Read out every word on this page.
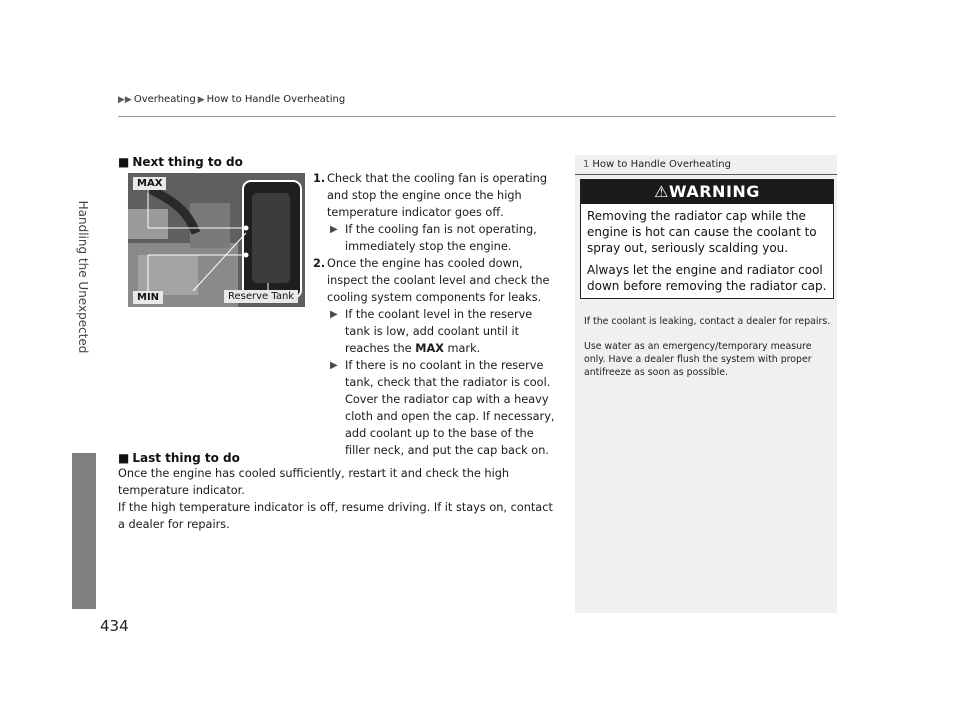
▶▶ Overheating ▶ How to Handle Overheating
Handling the Unexpected
434
■ Next thing to do
MAX
MIN	Reserve Tank
1. Check that the cooling fan is operating and stop the engine once the high temperature indicator goes off.
▶ If the cooling fan is not operating, immediately stop the engine.
2. Once the engine has cooled down, inspect the coolant level and check the cooling system components for leaks.
▶ If the coolant level in the reserve tank is low, add coolant until it reaches the MAX mark.
▶ If there is no coolant in the reserve tank, check that the radiator is cool. Cover the radiator cap with a heavy cloth and open the cap. If necessary, add coolant up to the base of the filler neck, and put the cap back on.
■ Last thing to do
Once the engine has cooled sufficiently, restart it and check the high temperature indicator.
If the high temperature indicator is off, resume driving. If it stays on, contact a dealer for repairs.
1 How to Handle Overheating
⚠WARNING
Removing the radiator cap while the engine is hot can cause the coolant to spray out, seriously scalding you.
Always let the engine and radiator cool down before removing the radiator cap.
If the coolant is leaking, contact a dealer for repairs.
Use water as an emergency/temporary measure only. Have a dealer flush the system with proper antifreeze as soon as possible.
